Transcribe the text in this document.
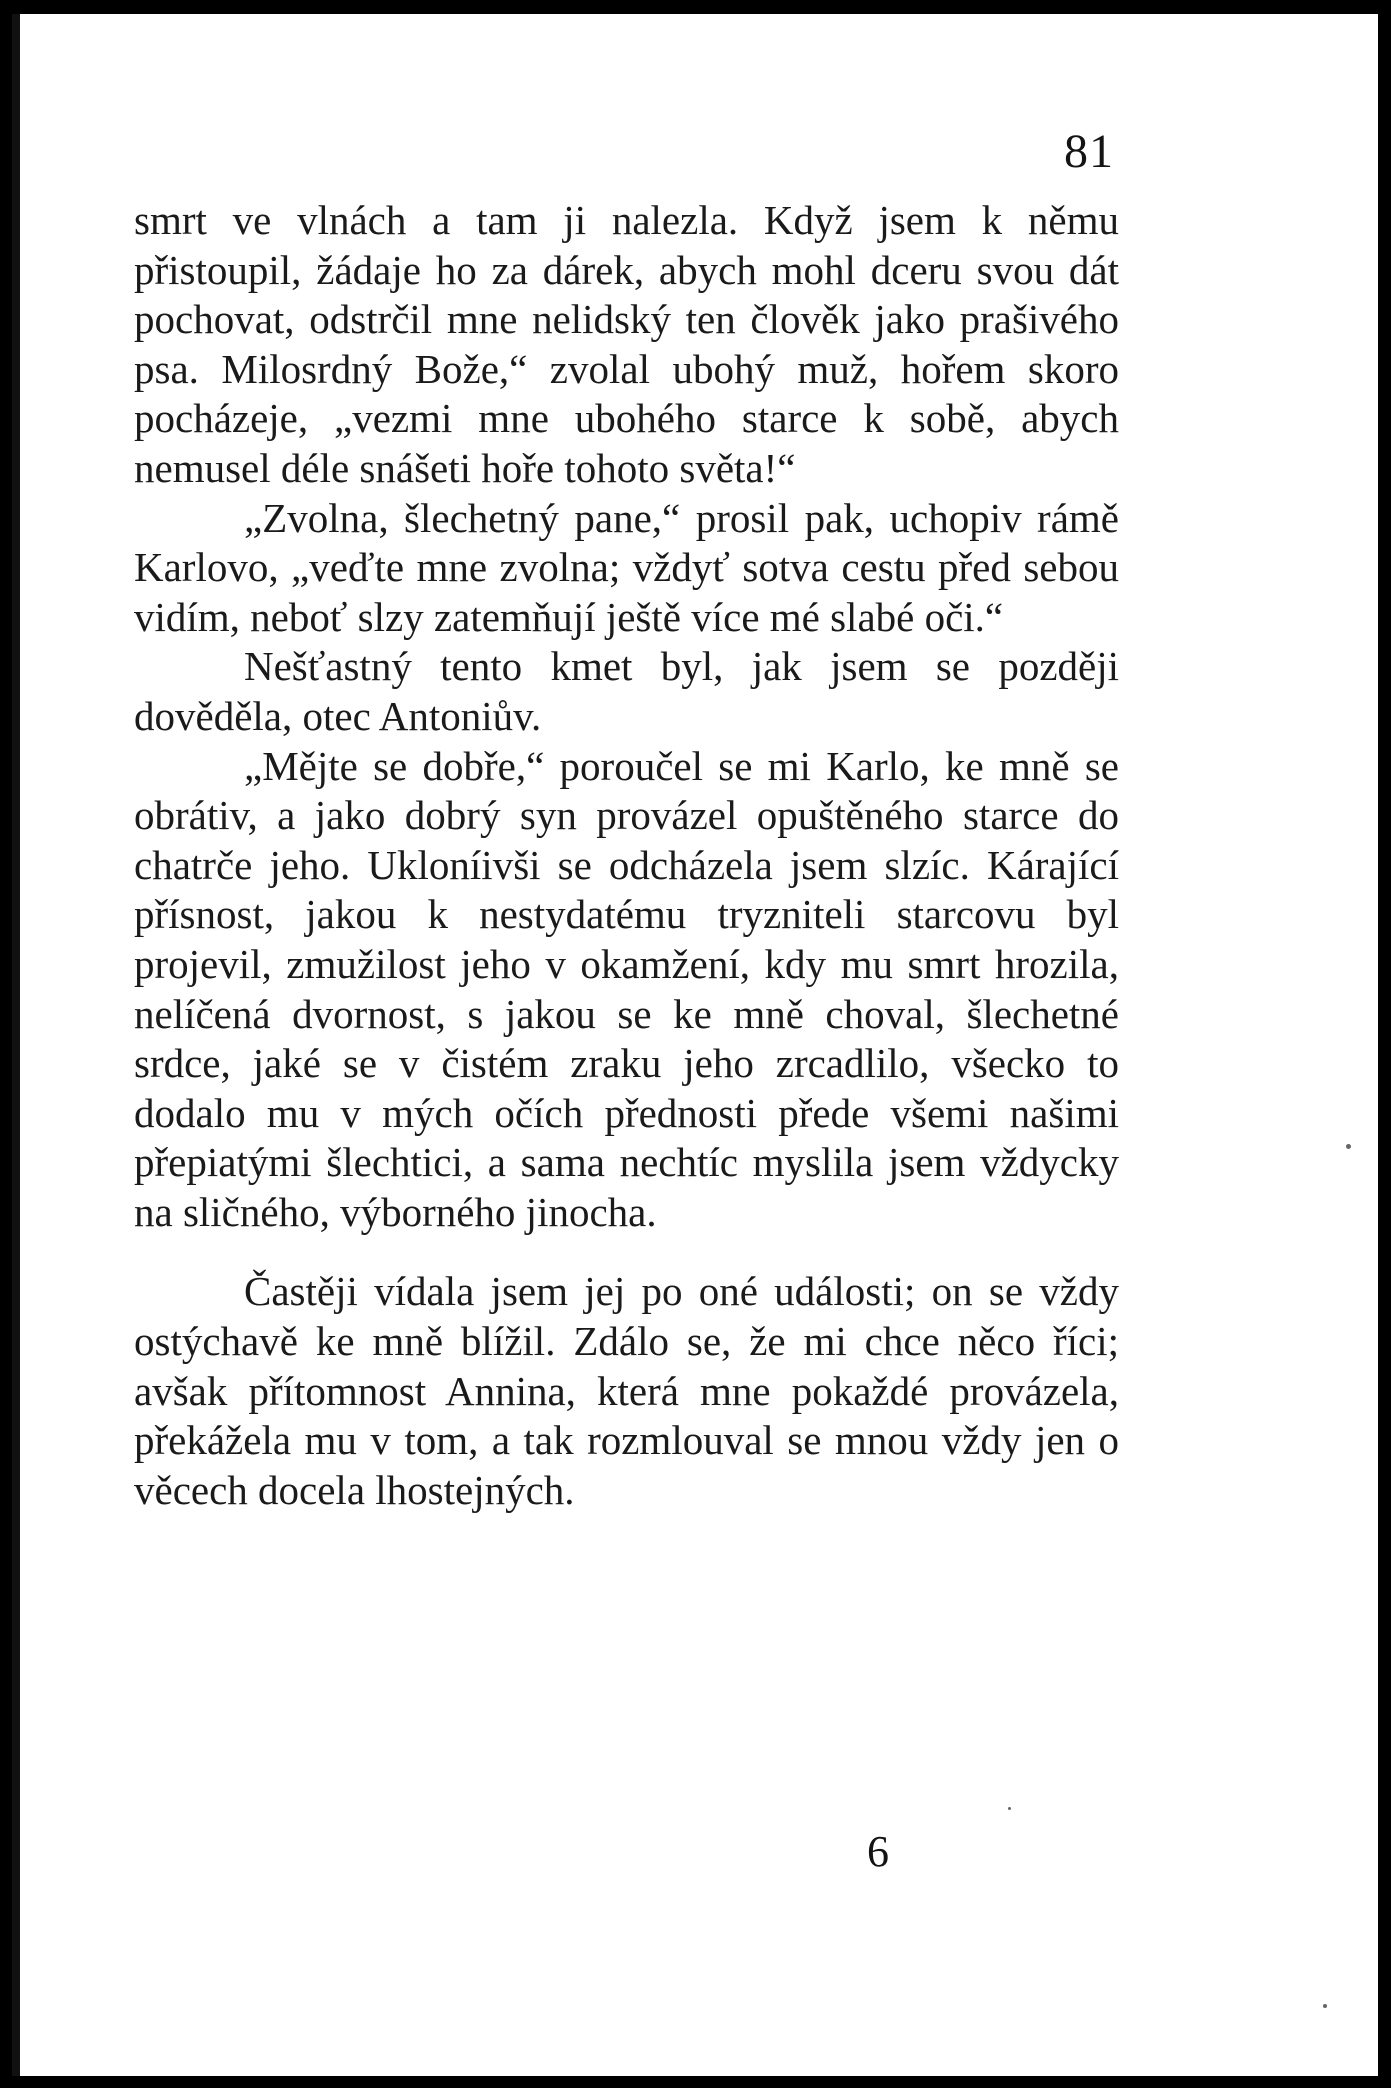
81

smrt ve vlnách a tam ji nalezla. Když jsem k němu přistoupil, žádaje ho za dárek, abych mohl dceru svou dát pochovat, odstrčil mne nelidský ten člověk jako prašivého psa. Milosrdný Bože,“ zvolal ubohý muž, hořem skoro pocházeje, „vezmi mne ubohého starce k sobě, abych nemusel déle snášeti hoře tohoto světa!“

„Zvolna, šlechetný pane,“ prosil pak, uchopiv rámě Karlovo, „veďte mne zvolna; vždyť sotva cestu před sebou vidím, neboť slzy zatemňují ještě více mé slabé oči.“

Nešťastný tento kmet byl, jak jsem se později dověděla, otec Antoniův.

„Mějte se dobře,“ poroučel se mi Karlo, ke mně se obrátiv, a jako dobrý syn provázel opuštěného starce do chatrče jeho. Ukloníivši se odcházela jsem slzíc. Kárající přísnost, jakou k nestydatému tryzniteli starcovu byl projevil, zmužilost jeho v okamžení, kdy mu smrt hrozila, nelíčená dvornost, s jakou se ke mně choval, šlechetné srdce, jaké se v čistém zraku jeho zrcadlilo, všecko to dodalo mu v mých očích přednosti přede všemi našimi přepiatými šlechtici, a sama nechtíc myslila jsem vždycky na sličného, výborného jinocha.

Častěji vídala jsem jej po oné události; on se vždy ostýchavě ke mně blížil. Zdálo se, že mi chce něco říci; avšak přítomnost Annina, která mne pokaždé provázela, překážela mu v tom, a tak rozmlouval se mnou vždy jen o věcech docela lhostejných.

6
